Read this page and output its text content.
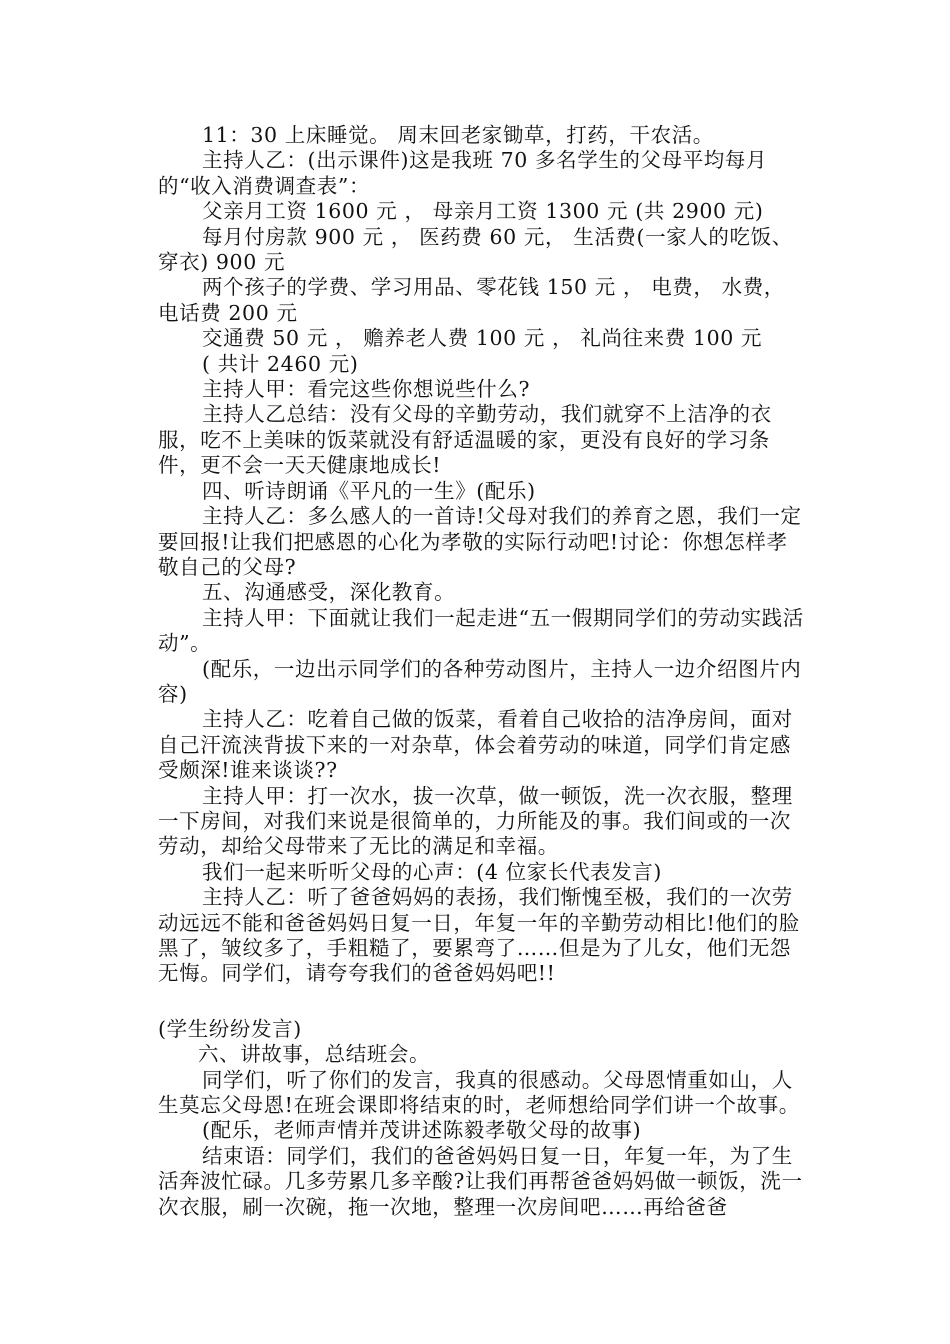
11：30 上床睡觉。 周末回老家锄草，打药，干农活。

主持人乙：(出示课件)这是我班 70 多名学生的父母平均每月的“收入消费调查表”：

父亲月工资 1600 元 ， 母亲月工资 1300 元 (共 2900 元)

每月付房款 900 元 ， 医药费 60 元， 生活费(一家人的吃饭、穿衣) 900 元

两个孩子的学费、学习用品、零花钱 150 元 ， 电费， 水费， 电话费 200 元

交通费 50 元 ， 赡养老人费 100 元 ， 礼尚往来费 100 元

( 共计 2460 元)

主持人甲：看完这些你想说些什么?

主持人乙总结：没有父母的辛勤劳动，我们就穿不上洁净的衣服，吃不上美味的饭菜就没有舒适温暖的家，更没有良好的学习条件，更不会一天天健康地成长!

四、听诗朗诵《平凡的一生》(配乐)

主持人乙：多么感人的一首诗!父母对我们的养育之恩，我们一定要回报!让我们把感恩的心化为孝敬的实际行动吧!讨论：你想怎样孝敬自己的父母?

五、沟通感受，深化教育。

主持人甲：下面就让我们一起走进“五一假期同学们的劳动实践活动”。

(配乐，一边出示同学们的各种劳动图片，主持人一边介绍图片内容)

主持人乙：吃着自己做的饭菜，看着自己收拾的洁净房间，面对自己汗流浃背拔下来的一对杂草，体会着劳动的味道，同学们肯定感受颇深!谁来谈谈??

主持人甲：打一次水，拔一次草，做一顿饭，洗一次衣服，整理一下房间，对我们来说是很简单的，力所能及的事。我们间或的一次劳动，却给父母带来了无比的满足和幸福。

我们一起来听听父母的心声：(4 位家长代表发言)

主持人乙：听了爸爸妈妈的表扬，我们惭愧至极，我们的一次劳动远远不能和爸爸妈妈日复一日，年复一年的辛勤劳动相比!他们的脸黑了，皱纹多了，手粗糙了，要累弯了……但是为了儿女，他们无怨无悔。同学们，请夸夸我们的爸爸妈妈吧!!

(学生纷纷发言)

六、讲故事，总结班会。

同学们，听了你们的发言，我真的很感动。父母恩情重如山，人生莫忘父母恩!在班会课即将结束的时，老师想给同学们讲一个故事。

(配乐，老师声情并茂讲述陈毅孝敬父母的故事)

结束语：同学们，我们的爸爸妈妈日复一日，年复一年，为了生活奔波忙碌。几多劳累几多辛酸?让我们再帮爸爸妈妈做一顿饭，洗一次衣服，刷一次碗，拖一次地，整理一次房间吧……再给爸爸
